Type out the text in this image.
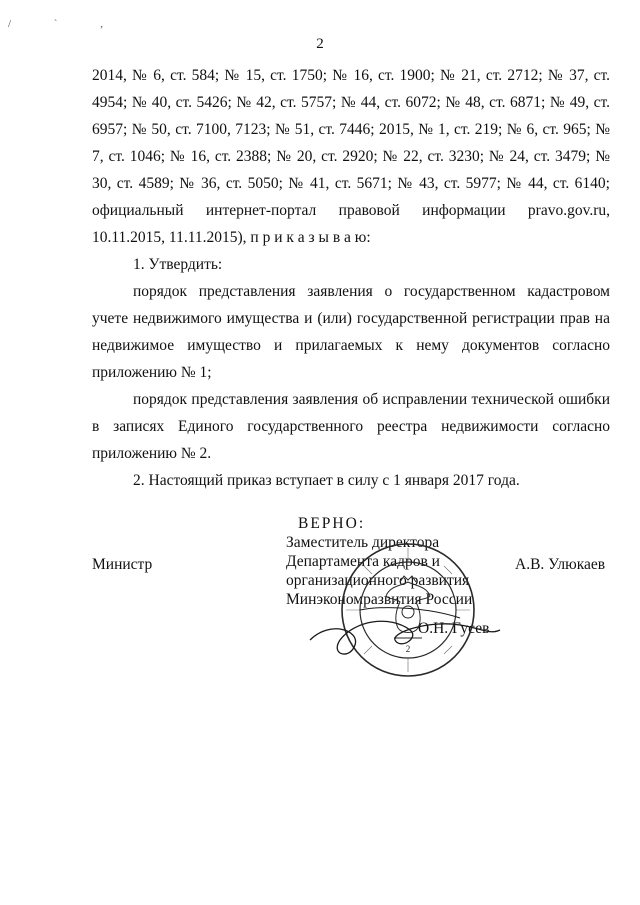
/ ` ,
2

2014, № 6, ст. 584; № 15, ст. 1750; № 16, ст. 1900; № 21, ст. 2712; № 37, ст. 4954; № 40, ст. 5426; № 42, ст. 5757; № 44, ст. 6072; № 48, ст. 6871; № 49, ст. 6957; № 50, ст. 7100, 7123; № 51, ст. 7446; 2015, № 1, ст. 219; № 6, ст. 965; № 7, ст. 1046; № 16, ст. 2388; № 20, ст. 2920; № 22, ст. 3230; № 24, ст. 3479; № 30, ст. 4589; № 36, ст. 5050; № 41, ст. 5671; № 43, ст. 5977; № 44, ст. 6140; официальный интернет-портал правовой информации pravo.gov.ru, 10.11.2015, 11.11.2015), п р и к а з ы в а ю:

1. Утвердить:

порядок представления заявления о государственном кадастровом учете недвижимого имущества и (или) государственной регистрации прав на недвижимое имущество и прилагаемых к нему документов согласно приложению № 1;

порядок представления заявления об исправлении технической ошибки в записях Единого государственного реестра недвижимости согласно приложению № 2.

2. Настоящий приказ вступает в силу с 1 января 2017 года.

Министр	А.В. Улюкаев
ВЕРНО:
Заместитель директора
Департамента кадров и
организационного развития
Минэкономразвития России
О.Н. Гусев
2
